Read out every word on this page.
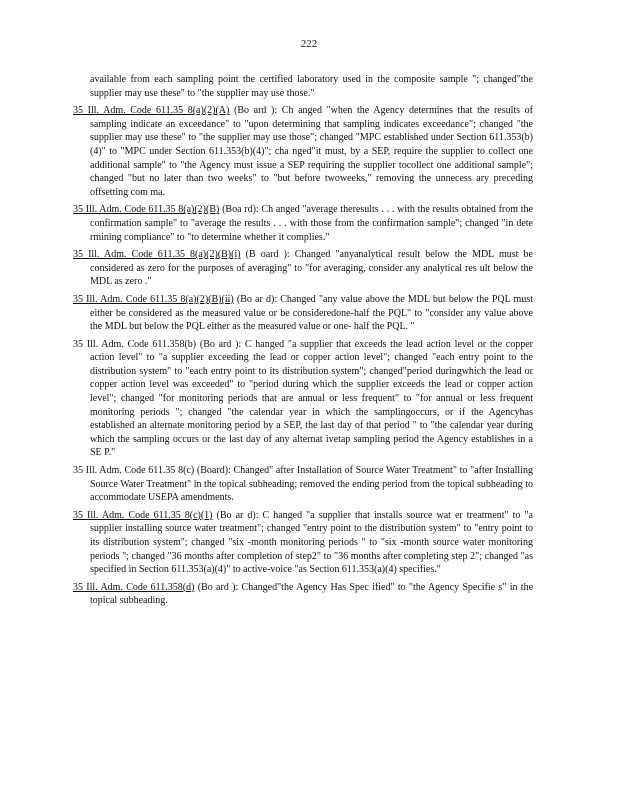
222

available from each sampling point the certified laboratory used in the composite sample "; changed"the supplier may use these" to "the supplier may use those."

35 Ill. Adm. Code 611.35 8(a)(2)(A) (Bo ard ): Ch anged "when the Agency determines that the results of sampling indicate an exceedance" to "upon determining that sampling indicates exceedance"; changed "the supplier may use these" to "the supplier may use those"; changed "MPC established under Section 611.353(b)(4)" to "MPC under Section 611.353(b)(4)"; cha nged"it must, by a SEP, require the supplier to collect one additional sample" to "the Agency must issue a SEP requiring the supplier tocollect one additional sample"; changed "but no later than two weeks" to "but before twoweeks," removing the unnecess ary preceding offsetting com ma.

35 Ill. Adm. Code 611.35 8(a)(2)(B) (Boa rd): Ch anged "average theresults . . . with the results obtained from the confirmation sample" to "average the results . . . with those from the confirmation sample"; changed "in dete rmining compliance" to "to determine whether it complies."

35 Ill. Adm. Code 611.35 8(a)(2)(B)(i) (B oard ): Changed "anyanalytical result below the MDL must be considered as zero for the purposes of averaging" to "for averaging, consider any analytical res ult below the MDL as zero ."

35 Ill. Adm. Code 611.35 8(a)(2)(B)(ii) (Bo ar d): Changed "any value above the MDL but below the PQL must either be considered as the measured value or be consideredone-half the PQL" to "consider any value above the MDL but below the PQL either as the measured value or one- half the PQL. "

35 Ill. Adm. Code 611.358(b) (Bo ard ): C hanged "a supplier that exceeds the lead action level or the copper action level" to "a supplier exceeding the lead or copper action level"; changed "each entry point to the distribution system" to "each entry point to its distribution system"; changed"period duringwhich the lead or copper action level was exceeded" to "period during which the supplier exceeds the lead or copper action level"; changed "for monitoring periods that are annual or less frequent" to "for annual or less frequent monitoring periods "; changed "the calendar year in which the samplingoccurs, or if the Agencyhas established an alternate monitoring period by a SEP, the last day of that period " to "the calendar year during which the sampling occurs or the last day of any alternat ivetap sampling period the Agency establishes in a SE P."

35 Ill. Adm. Code 611.35 8(c) (Board): Changed" after Installation of Source Water Treatment" to "after Installing Source Water Treatment" in the topical subheading; removed the ending period from the topical subheading to accommodate USEPA amendments.

35 Ill. Adm. Code 611.35 8(c)(1) (Bo ar d): C hanged "a supplier that installs source wat er treatment" to "a supplier installing source water treatment"; changed "entry point to the distribution system" to "entry point to its distribution system"; changed "six -month monitoring periods " to "six -month source water monitoring periods "; changed "36 months after completion of step2" to "36 months after completing step 2"; changed "as specified in Section 611.353(a)(4)" to active-voice "as Section 611.353(a)(4) specifies."

35 Ill. Adm. Code 611.358(d) (Bo ard ): Changed"the Agency Has Spec ified" to "the Agency Specifie s" in the topical subheading.
